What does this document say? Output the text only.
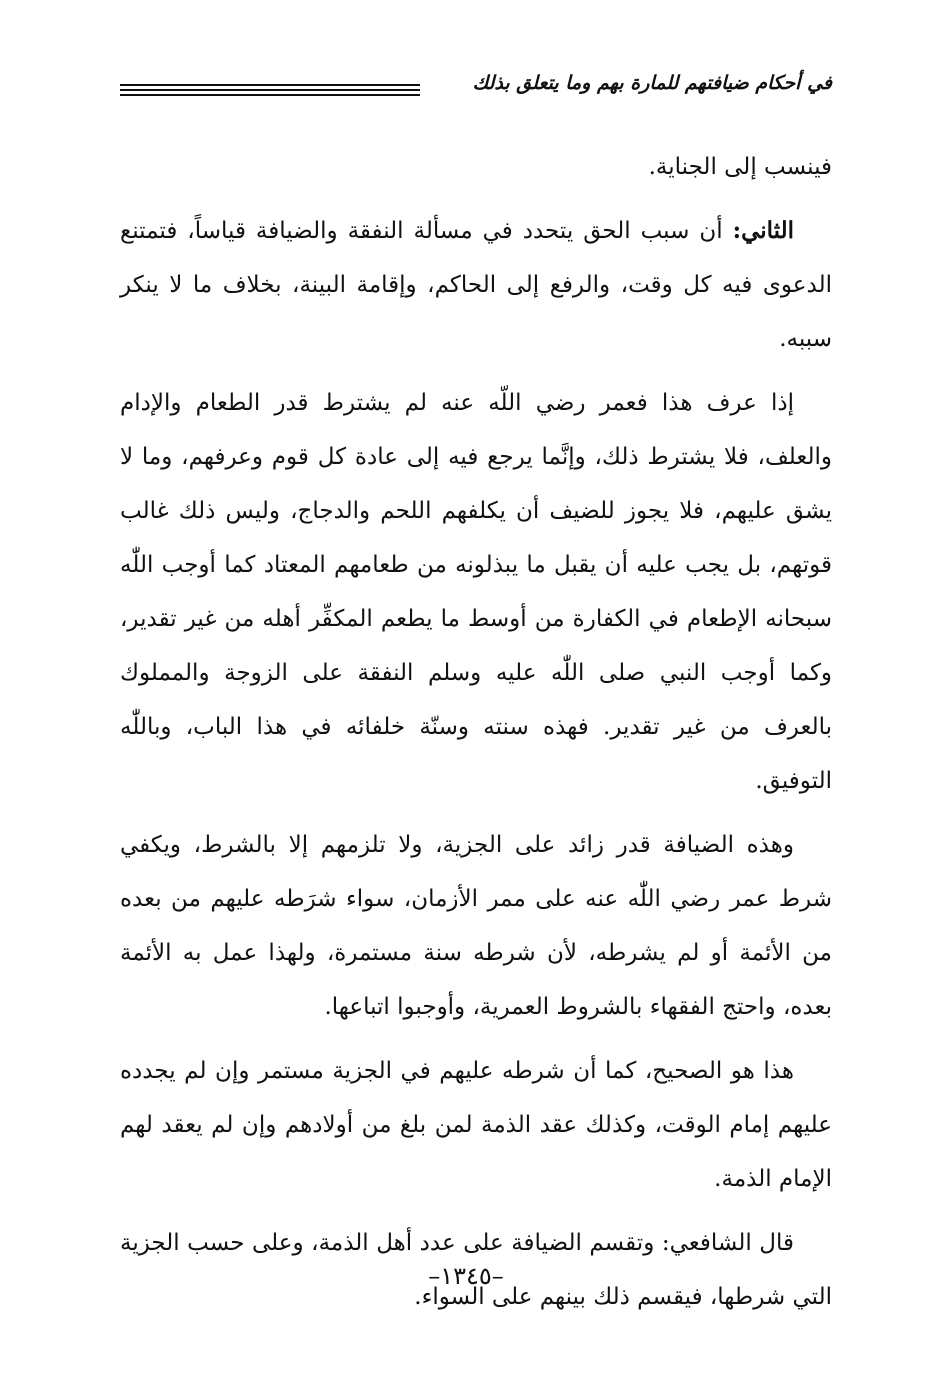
في أحكام ضيافتهم للمارة بهم وما يتعلق بذلك

فينسب إلى الجناية.

الثاني: أن سبب الحق يتحدد في مسألة النفقة والضيافة قياساً، فتمتنع الدعوى فيه كل وقت، والرفع إلى الحاكم، وإقامة البينة، بخلاف ما لا ينكر سببه.

إذا عرف هذا فعمر رضي اللّه عنه لم يشترط قدر الطعام والإدام والعلف، فلا يشترط ذلك، وإنَّما يرجع فيه إلى عادة كل قوم وعرفهم، وما لا يشق عليهم، فلا يجوز للضيف أن يكلفهم اللحم والدجاج، وليس ذلك غالب قوتهم، بل يجب عليه أن يقبل ما يبذلونه من طعامهم المعتاد كما أوجب اللّٰه سبحانه الإطعام في الكفارة من أوسط ما يطعم المكفِّر أهله من غير تقدير، وكما أوجب النبي صلى اللّٰه عليه وسلم النفقة على الزوجة والمملوك بالعرف من غير تقدير. فهذه سنته وسنّة خلفائه في هذا الباب، وباللّٰه التوفيق.

وهذه الضيافة قدر زائد على الجزية، ولا تلزمهم إلا بالشرط، ويكفي شرط عمر رضي اللّٰه عنه على ممر الأزمان، سواء شرَطه عليهم من بعده من الأئمة أو لم يشرطه، لأن شرطه سنة مستمرة، ولهذا عمل به الأئمة بعده، واحتج الفقهاء بالشروط العمرية، وأوجبوا اتباعها.

هذا هو الصحيح، كما أن شرطه عليهم في الجزية مستمر وإن لم يجدده عليهم إمام الوقت، وكذلك عقد الذمة لمن بلغ من أولادهم وإن لم يعقد لهم الإمام الذمة.

قال الشافعي: وتقسم الضيافة على عدد أهل الذمة، وعلى حسب الجزية التي شرطها، فيقسم ذلك بينهم على السواء.

–١٣٤٥–
